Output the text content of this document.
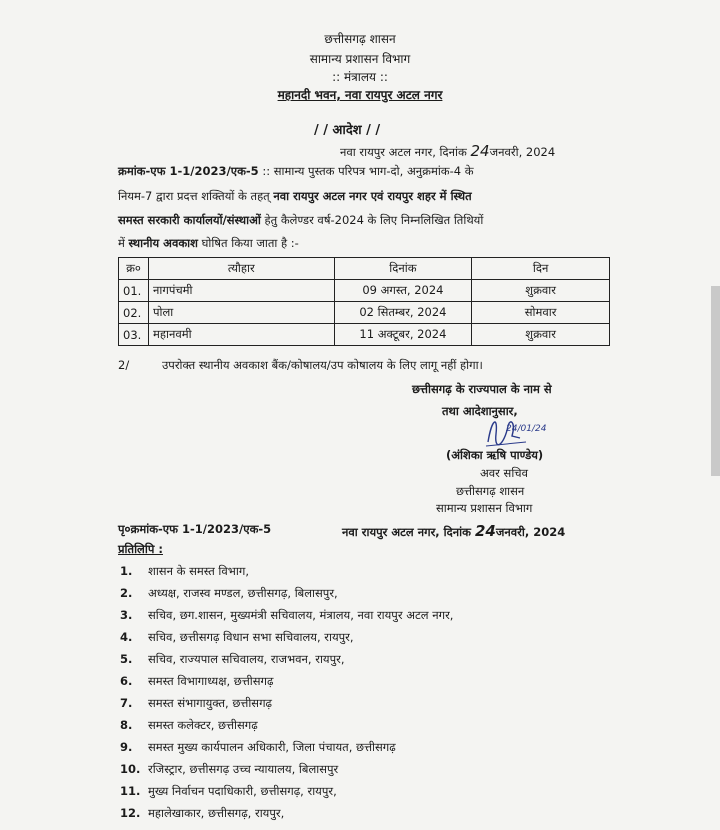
छत्तीसगढ़ शासन
सामान्य प्रशासन विभाग
:: मंत्रालय ::
महानदी भवन, नवा रायपुर अटल नगर
/ / आदेश / /
नवा रायपुर अटल नगर, दिनांक 24जनवरी, 2024
क्रमांक-एफ 1-1/2023/एक-5 :: सामान्य पुस्तक परिपत्र भाग-दो, अनुक्रमांक-4 के
नियम-7 द्वारा प्रदत्त शक्तियों के तहत् नवा रायपुर अटल नगर एवं रायपुर शहर में स्थित
समस्त सरकारी कार्यालयों/संस्थाओं हेतु कैलेण्डर वर्ष-2024 के लिए निम्नलिखित तिथियों
में स्थानीय अवकाश घोषित किया जाता है :-
क्र०	त्यौहार	दिनांक	दिन
01.	नागपंचमी	09 अगस्त, 2024	शुक्रवार
02.	पोला	02 सितम्बर, 2024	सोमवार
03.	महानवमी	11 अक्टूबर, 2024	शुक्रवार
2/	उपरोक्त स्थानीय अवकाश बैंक/कोषालय/उप कोषालय के लिए लागू नहीं होगा।
छत्तीसगढ़ के राज्यपाल के नाम से
तथा आदेशानुसार,
24/01/24
(अंशिका ऋषि पाण्डेय)
अवर सचिव
छत्तीसगढ़ शासन
सामान्य प्रशासन विभाग
पृ०क्रमांक-एफ 1-1/2023/एक-5	नवा रायपुर अटल नगर, दिनांक 24जनवरी, 2024
प्रतिलिपि :
1. शासन के समस्त विभाग,
2. अध्यक्ष, राजस्व मण्डल, छत्तीसगढ़, बिलासपुर,
3. सचिव, छग.शासन, मुख्यमंत्री सचिवालय, मंत्रालय, नवा रायपुर अटल नगर,
4. सचिव, छत्तीसगढ़ विधान सभा सचिवालय, रायपुर,
5. सचिव, राज्यपाल सचिवालय, राजभवन, रायपुर,
6. समस्त विभागाध्यक्ष, छत्तीसगढ़
7. समस्त संभागायुक्त, छत्तीसगढ़
8. समस्त कलेक्टर, छत्तीसगढ़
9. समस्त मुख्य कार्यपालन अधिकारी, जिला पंचायत, छत्तीसगढ़
10. रजिस्ट्रार, छत्तीसगढ़ उच्च न्यायालय, बिलासपुर
11. मुख्य निर्वाचन पदाधिकारी, छत्तीसगढ़, रायपुर,
12. महालेखाकार, छत्तीसगढ़, रायपुर,
